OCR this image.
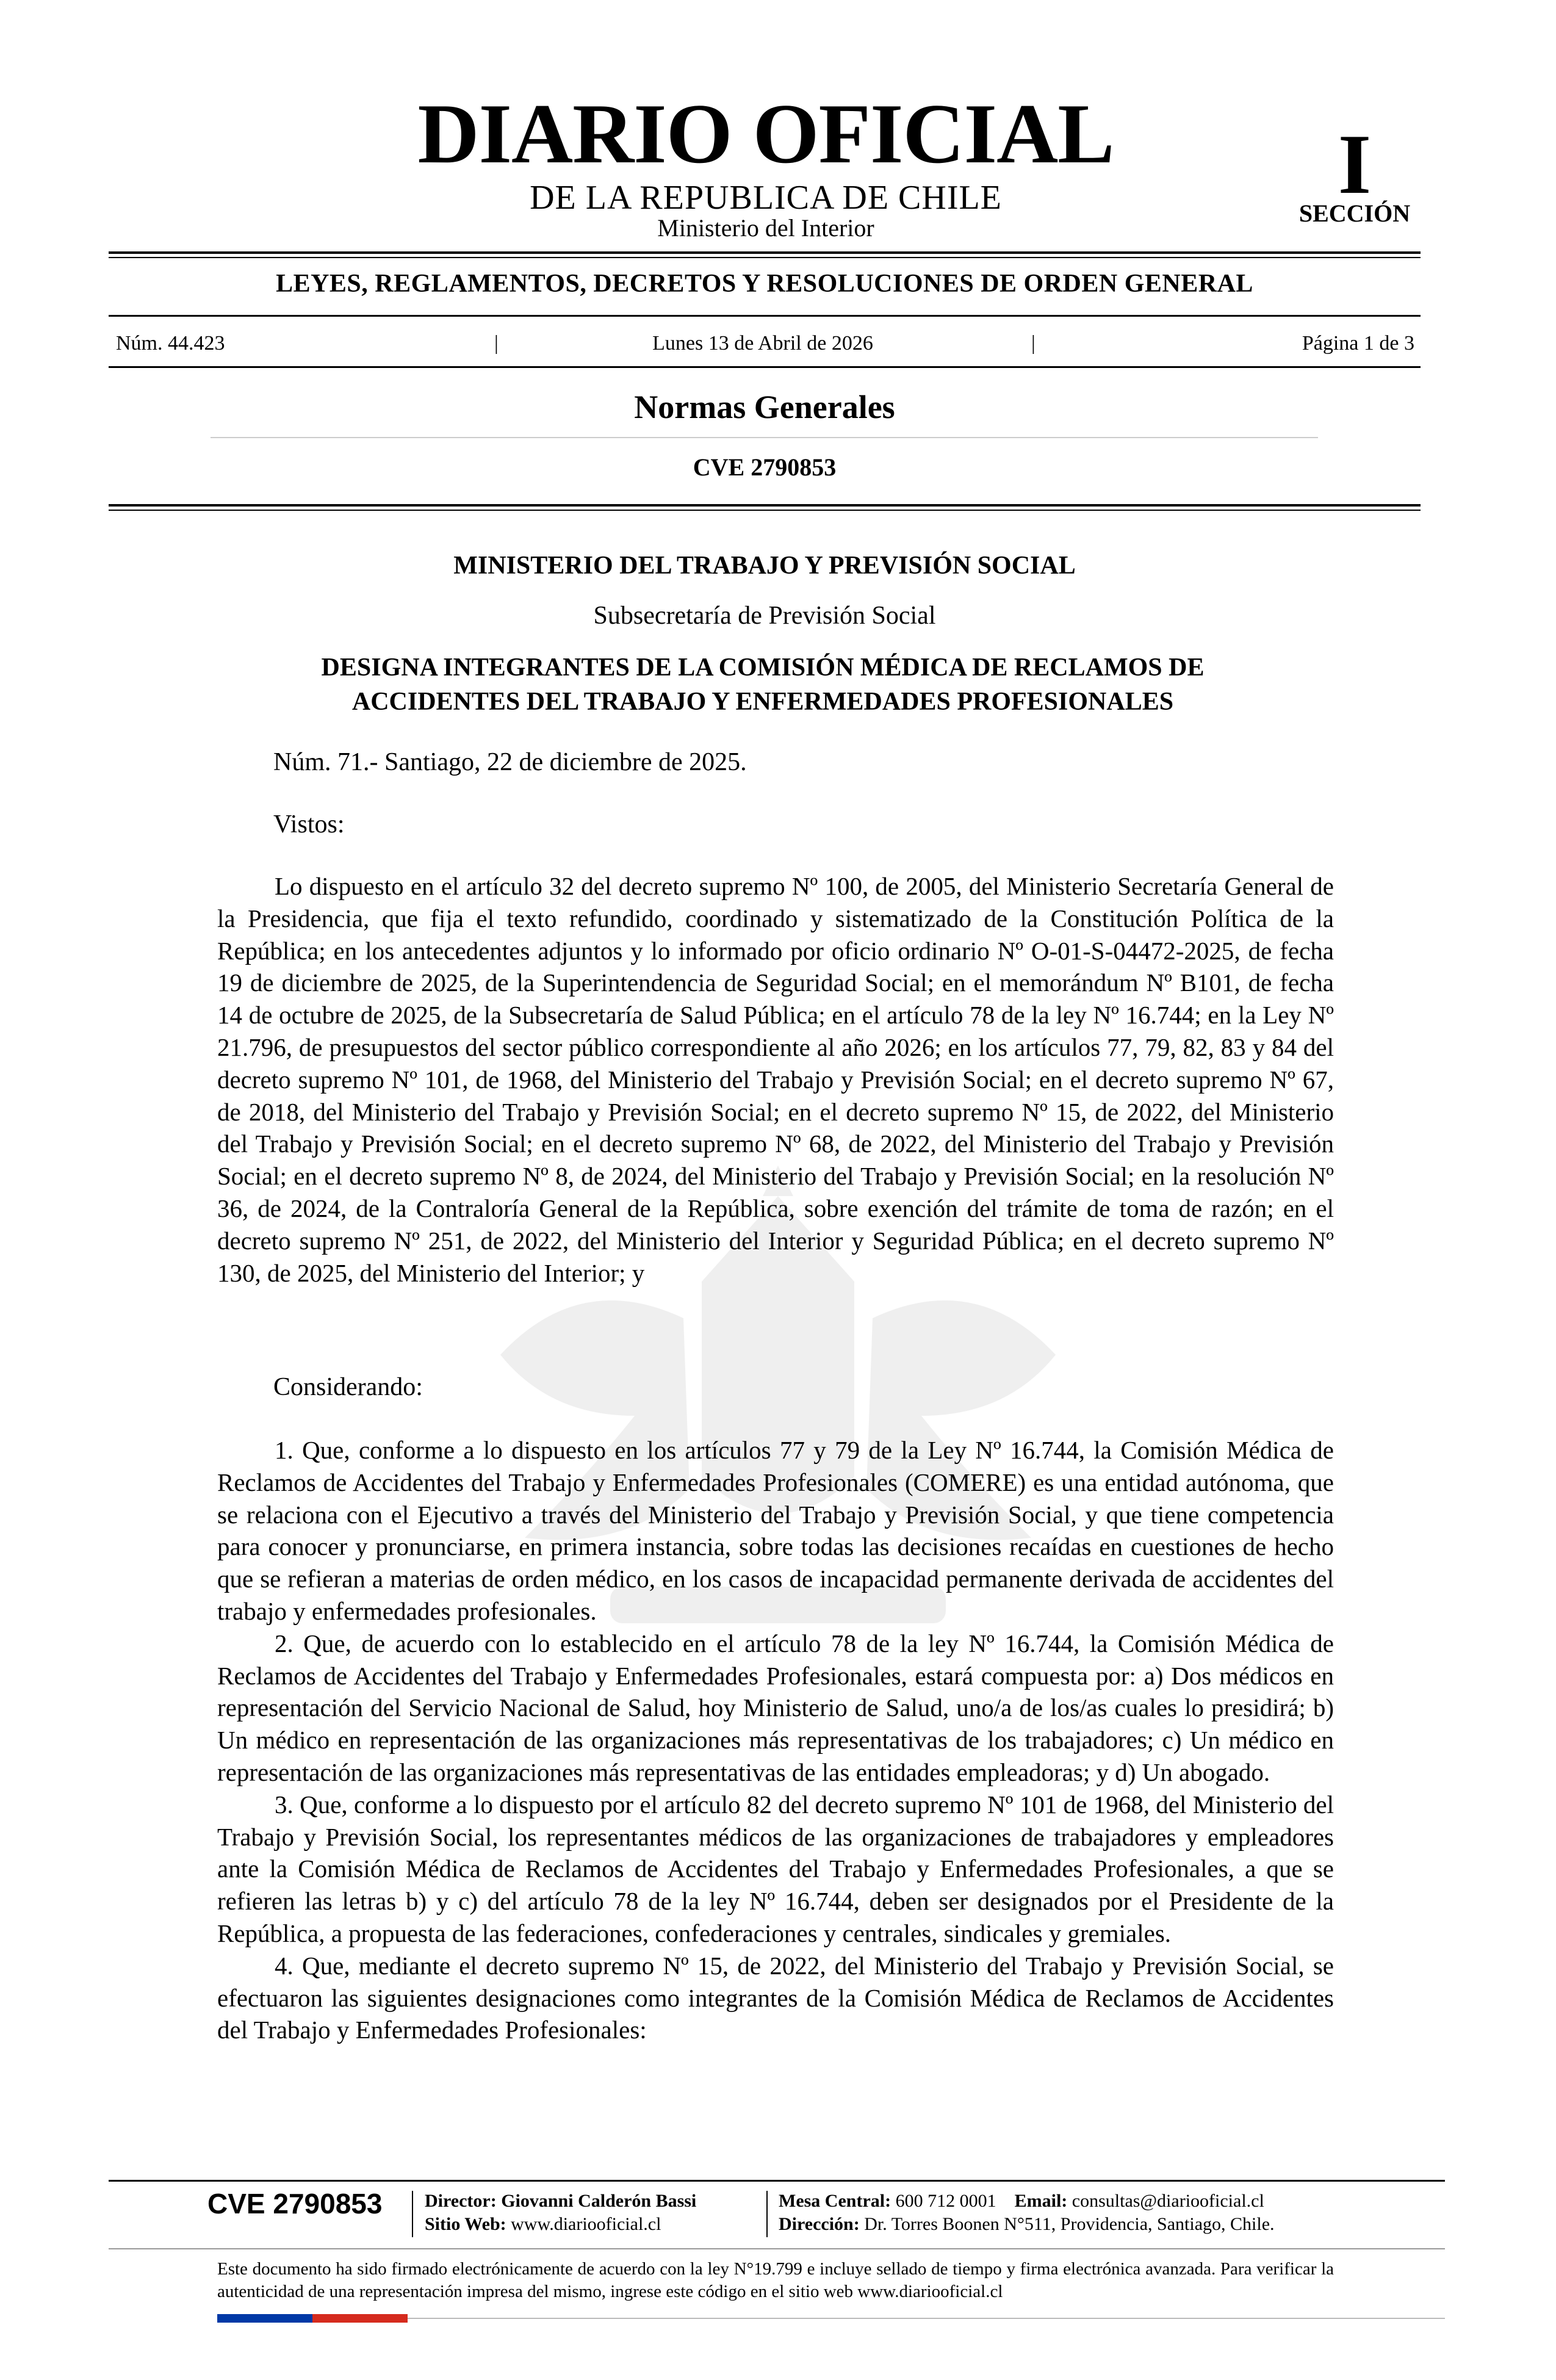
DIARIO OFICIAL
DE LA REPUBLICA DE CHILE
Ministerio del Interior
I
SECCIÓN
LEYES, REGLAMENTOS, DECRETOS Y RESOLUCIONES DE ORDEN GENERAL
Núm. 44.423	|	Lunes 13 de Abril de 2026	|	Página 1 de 3
Normas Generales
CVE 2790853
MINISTERIO DEL TRABAJO Y PREVISIÓN SOCIAL
Subsecretaría de Previsión Social
DESIGNA INTEGRANTES DE LA COMISIÓN MÉDICA DE RECLAMOS DE
ACCIDENTES DEL TRABAJO Y ENFERMEDADES PROFESIONALES
Núm. 71.- Santiago, 22 de diciembre de 2025.
Vistos:
Lo dispuesto en el artículo 32 del decreto supremo Nº 100, de 2005, del Ministerio Secretaría General de la Presidencia, que fija el texto refundido, coordinado y sistematizado de la Constitución Política de la República; en los antecedentes adjuntos y lo informado por oficio ordinario Nº O-01-S-04472-2025, de fecha 19 de diciembre de 2025, de la Superintendencia de Seguridad Social; en el memorándum Nº B101, de fecha 14 de octubre de 2025, de la Subsecretaría de Salud Pública; en el artículo 78 de la ley Nº 16.744; en la Ley Nº 21.796, de presupuestos del sector público correspondiente al año 2026; en los artículos 77, 79, 82, 83 y 84 del decreto supremo Nº 101, de 1968, del Ministerio del Trabajo y Previsión Social; en el decreto supremo Nº 67, de 2018, del Ministerio del Trabajo y Previsión Social; en el decreto supremo Nº 15, de 2022, del Ministerio del Trabajo y Previsión Social; en el decreto supremo Nº 68, de 2022, del Ministerio del Trabajo y Previsión Social; en el decreto supremo Nº 8, de 2024, del Ministerio del Trabajo y Previsión Social; en la resolución Nº 36, de 2024, de la Contraloría General de la República, sobre exención del trámite de toma de razón; en el decreto supremo Nº 251, de 2022, del Ministerio del Interior y Seguridad Pública; en el decreto supremo Nº 130, de 2025, del Ministerio del Interior; y
Considerando:
1. Que, conforme a lo dispuesto en los artículos 77 y 79 de la Ley Nº 16.744, la Comisión Médica de Reclamos de Accidentes del Trabajo y Enfermedades Profesionales (COMERE) es una entidad autónoma, que se relaciona con el Ejecutivo a través del Ministerio del Trabajo y Previsión Social, y que tiene competencia para conocer y pronunciarse, en primera instancia, sobre todas las decisiones recaídas en cuestiones de hecho que se refieran a materias de orden médico, en los casos de incapacidad permanente derivada de accidentes del trabajo y enfermedades profesionales.
2. Que, de acuerdo con lo establecido en el artículo 78 de la ley Nº 16.744, la Comisión Médica de Reclamos de Accidentes del Trabajo y Enfermedades Profesionales, estará compuesta por: a) Dos médicos en representación del Servicio Nacional de Salud, hoy Ministerio de Salud, uno/a de los/as cuales lo presidirá; b) Un médico en representación de las organizaciones más representativas de los trabajadores; c) Un médico en representación de las organizaciones más representativas de las entidades empleadoras; y d) Un abogado.
3. Que, conforme a lo dispuesto por el artículo 82 del decreto supremo Nº 101 de 1968, del Ministerio del Trabajo y Previsión Social, los representantes médicos de las organizaciones de trabajadores y empleadores ante la Comisión Médica de Reclamos de Accidentes del Trabajo y Enfermedades Profesionales, a que se refieren las letras b) y c) del artículo 78 de la ley Nº 16.744, deben ser designados por el Presidente de la República, a propuesta de las federaciones, confederaciones y centrales, sindicales y gremiales.
4. Que, mediante el decreto supremo Nº 15, de 2022, del Ministerio del Trabajo y Previsión Social, se efectuaron las siguientes designaciones como integrantes de la Comisión Médica de Reclamos de Accidentes del Trabajo y Enfermedades Profesionales:
CVE 2790853 Director: Giovanni Calderón Bassi
Sitio Web: www.diariooficial.cl
Mesa Central: 600 712 0001 Email: consultas@diariooficial.cl
Dirección: Dr. Torres Boonen N°511, Providencia, Santiago, Chile.
Este documento ha sido firmado electrónicamente de acuerdo con la ley N°19.799 e incluye sellado de tiempo y firma electrónica avanzada. Para verificar la autenticidad de una representación impresa del mismo, ingrese este código en el sitio web www.diariooficial.cl
